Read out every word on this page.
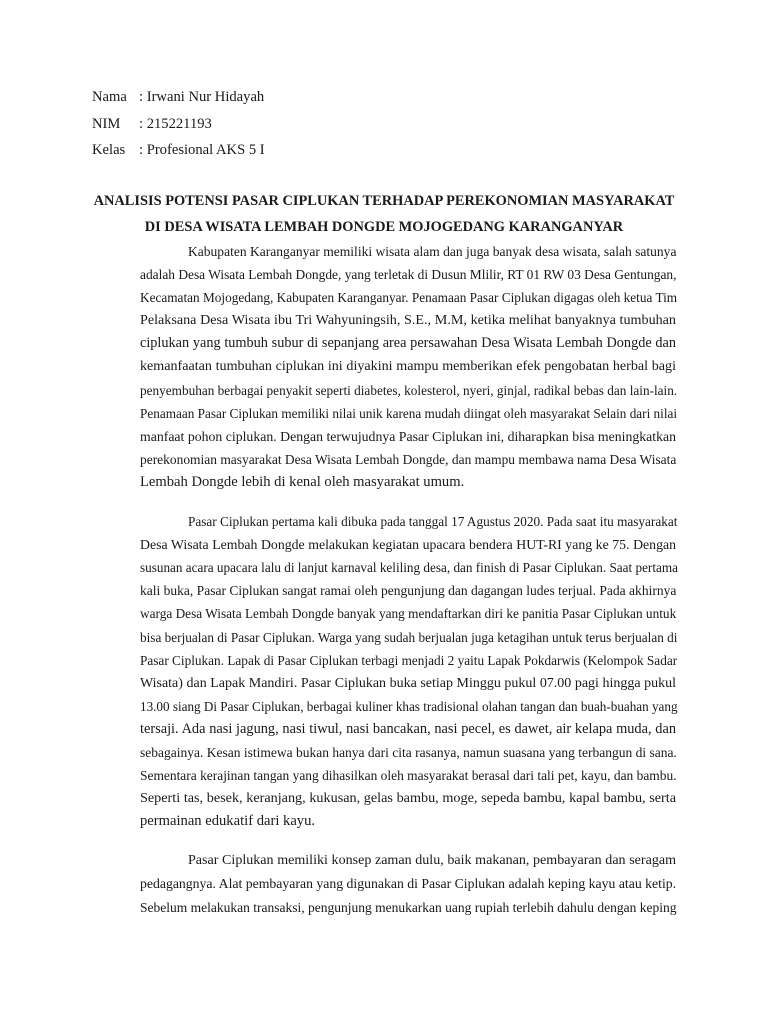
Nama : Irwani Nur Hidayah
NIM	: 215221193
Kelas : Profesional AKS 5 I
ANALISIS POTENSI PASAR CIPLUKAN TERHADAP PEREKONOMIAN MASYARAKAT
DI DESA WISATA LEMBAH DONGDE MOJOGEDANG KARANGANYAR
Kabupaten Karanganyar memiliki wisata alam dan juga banyak desa wisata, salah satunya
adalah Desa Wisata Lembah Dongde, yang terletak di Dusun Mlilir, RT 01 RW 03 Desa Gentungan,
Kecamatan Mojogedang, Kabupaten Karanganyar. Penamaan Pasar Ciplukan digagas oleh ketua Tim
Pelaksana Desa Wisata ibu Tri Wahyuningsih, S.E., M.M, ketika melihat banyaknya tumbuhan
ciplukan yang tumbuh subur di sepanjang area persawahan Desa Wisata Lembah Dongde dan
kemanfaatan tumbuhan ciplukan ini diyakini mampu memberikan efek pengobatan herbal bagi
penyembuhan berbagai penyakit seperti diabetes, kolesterol, nyeri, ginjal, radikal bebas dan lain-lain.
Penamaan Pasar Ciplukan memiliki nilai unik karena mudah diingat oleh masyarakat Selain dari nilai
manfaat pohon ciplukan. Dengan terwujudnya Pasar Ciplukan ini, diharapkan bisa meningkatkan
perekonomian masyarakat Desa Wisata Lembah Dongde, dan mampu membawa nama Desa Wisata
Lembah Dongde lebih di kenal oleh masyarakat umum.
Pasar Ciplukan pertama kali dibuka pada tanggal 17 Agustus 2020. Pada saat itu masyarakat
Desa Wisata Lembah Dongde melakukan kegiatan upacara bendera HUT-RI yang ke 75. Dengan
susunan acara upacara lalu di lanjut karnaval keliling desa, dan finish di Pasar Ciplukan. Saat pertama
kali buka, Pasar Ciplukan sangat ramai oleh pengunjung dan dagangan ludes terjual. Pada akhirnya
warga Desa Wisata Lembah Dongde banyak yang mendaftarkan diri ke panitia Pasar Ciplukan untuk
bisa berjualan di Pasar Ciplukan. Warga yang sudah berjualan juga ketagihan untuk terus berjualan di
Pasar Ciplukan. Lapak di Pasar Ciplukan terbagi menjadi 2 yaitu Lapak Pokdarwis (Kelompok Sadar
Wisata) dan Lapak Mandiri. Pasar Ciplukan buka setiap Minggu pukul 07.00 pagi hingga pukul
13.00 siang Di Pasar Ciplukan, berbagai kuliner khas tradisional olahan tangan dan buah-buahan yang
tersaji. Ada nasi jagung, nasi tiwul, nasi bancakan, nasi pecel, es dawet, air kelapa muda, dan
sebagainya. Kesan istimewa bukan hanya dari cita rasanya, namun suasana yang terbangun di sana.
Sementara kerajinan tangan yang dihasilkan oleh masyarakat berasal dari tali pet, kayu, dan bambu.
Seperti tas, besek, keranjang, kukusan, gelas bambu, moge, sepeda bambu, kapal bambu, serta
permainan edukatif dari kayu.
Pasar Ciplukan memiliki konsep zaman dulu, baik makanan, pembayaran dan seragam
pedagangnya. Alat pembayaran yang digunakan di Pasar Ciplukan adalah keping kayu atau ketip.
Sebelum melakukan transaksi, pengunjung menukarkan uang rupiah terlebih dahulu dengan keping
